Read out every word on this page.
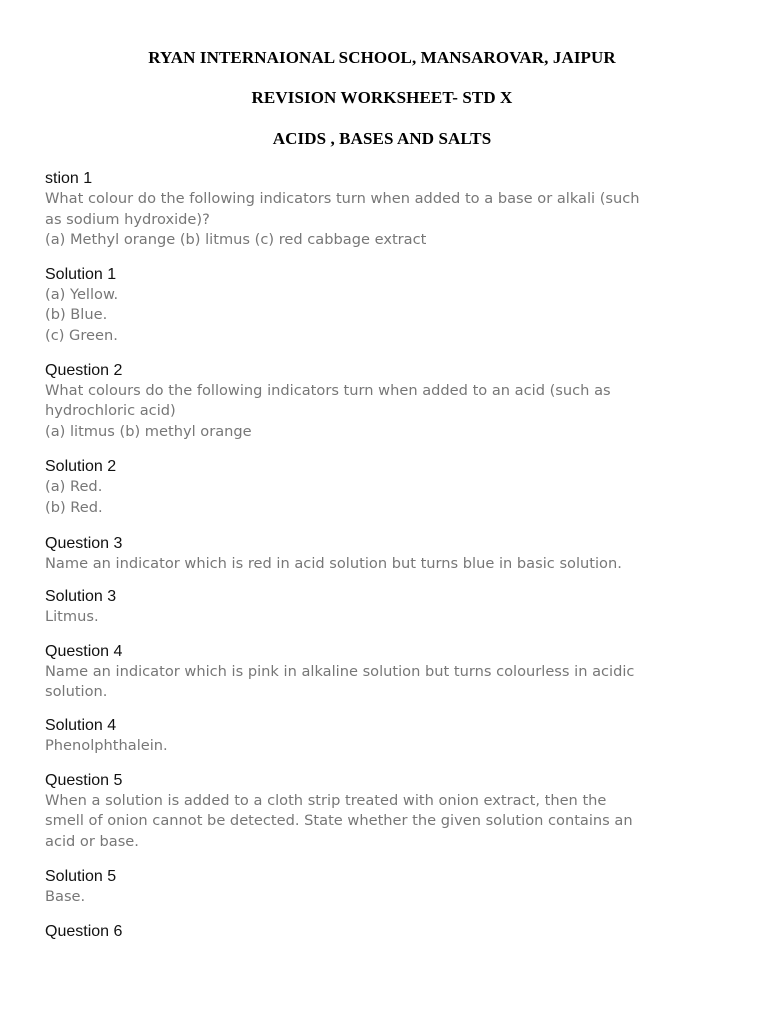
RYAN INTERNAIONAL SCHOOL, MANSAROVAR, JAIPUR
REVISION WORKSHEET- STD X
ACIDS , BASES AND SALTS
stion 1
What colour do the following indicators turn when added to a base or alkali (such
as sodium hydroxide)?
(a) Methyl orange (b) litmus (c) red cabbage extract
Solution 1
(a) Yellow.
(b) Blue.
(c) Green.
Question 2
What colours do the following indicators turn when added to an acid (such as
hydrochloric acid)
(a) litmus (b) methyl orange
Solution 2
(a) Red.
(b) Red.
Question 3
Name an indicator which is red in acid solution but turns blue in basic solution.
Solution 3
Litmus.
Question 4
Name an indicator which is pink in alkaline solution but turns colourless in acidic
solution.
Solution 4
Phenolphthalein.
Question 5
When a solution is added to a cloth strip treated with onion extract, then the
smell of onion cannot be detected. State whether the given solution contains an
acid or base.
Solution 5
Base.
Question 6
